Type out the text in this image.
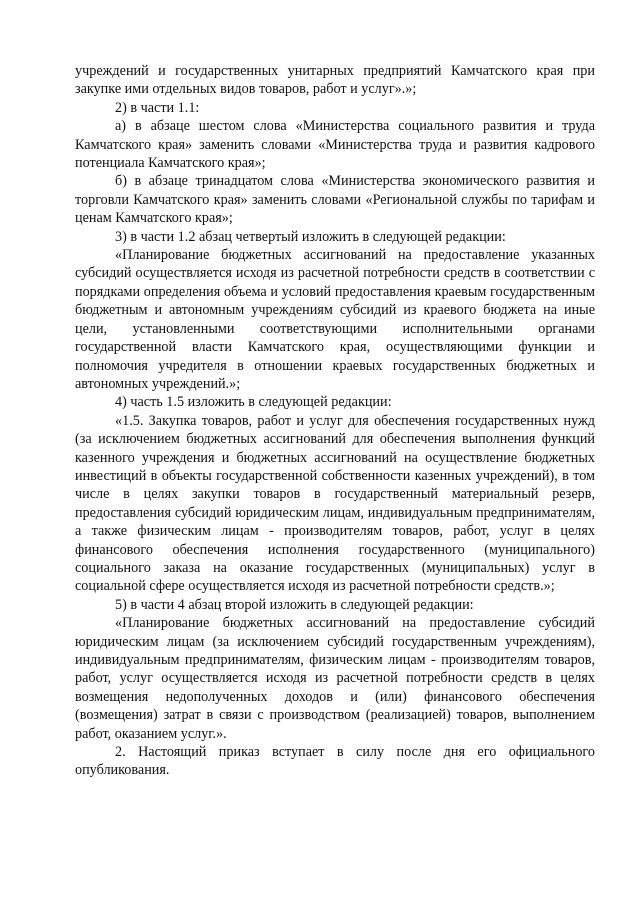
учреждений и государственных унитарных предприятий Камчатского края при закупке ими отдельных видов товаров, работ и услуг».»;

2) в части 1.1:

а) в абзаце шестом слова «Министерства социального развития и труда Камчатского края» заменить словами «Министерства труда и развития кадрового потенциала Камчатского края»;

б) в абзаце тринадцатом слова «Министерства экономического развития и торговли Камчатского края» заменить словами «Региональной службы по тарифам и ценам Камчатского края»;

3) в части 1.2 абзац четвертый изложить в следующей редакции:

«Планирование бюджетных ассигнований на предоставление указанных субсидий осуществляется исходя из расчетной потребности средств в соответствии с порядками определения объема и условий предоставления краевым государственным бюджетным и автономным учреждениям субсидий из краевого бюджета на иные цели, установленными соответствующими исполнительными органами государственной власти Камчатского края, осуществляющими функции и полномочия учредителя в отношении краевых государственных бюджетных и автономных учреждений.»;

4) часть 1.5 изложить в следующей редакции:

«1.5. Закупка товаров, работ и услуг для обеспечения государственных нужд (за исключением бюджетных ассигнований для обеспечения выполнения функций казенного учреждения и бюджетных ассигнований на осуществление бюджетных инвестиций в объекты государственной собственности казенных учреждений), в том числе в целях закупки товаров в государственный материальный резерв, предоставления субсидий юридическим лицам, индивидуальным предпринимателям, а также физическим лицам - производителям товаров, работ, услуг в целях финансового обеспечения исполнения государственного (муниципального) социального заказа на оказание государственных (муниципальных) услуг в социальной сфере осуществляется исходя из расчетной потребности средств.»;

5) в части 4 абзац второй изложить в следующей редакции:

«Планирование бюджетных ассигнований на предоставление субсидий юридическим лицам (за исключением субсидий государственным учреждениям), индивидуальным предпринимателям, физическим лицам - производителям товаров, работ, услуг осуществляется исходя из расчетной потребности средств в целях возмещения недополученных доходов и (или) финансового обеспечения (возмещения) затрат в связи с производством (реализацией) товаров, выполнением работ, оказанием услуг.».

2. Настоящий приказ вступает в силу после дня его официального опубликования.
